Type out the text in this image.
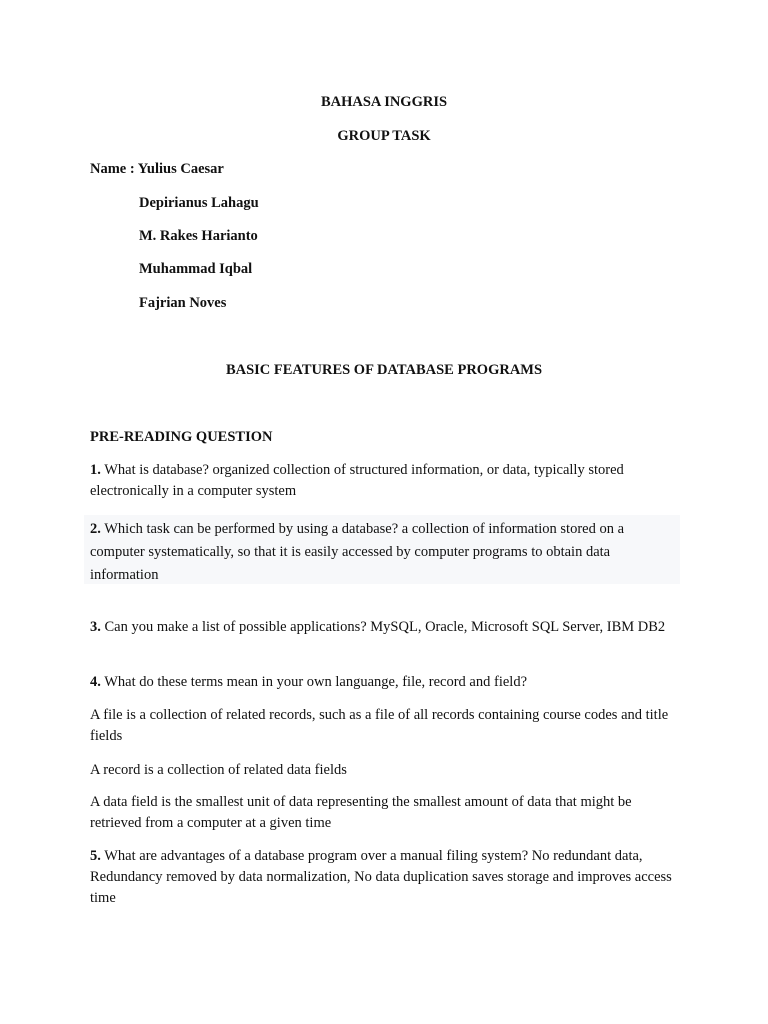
BAHASA INGGRIS

GROUP TASK

Name : Yulius Caesar

Depirianus Lahagu

M. Rakes Harianto

Muhammad Iqbal

Fajrian Noves

BASIC FEATURES OF DATABASE PROGRAMS

PRE-READING QUESTION

1. What is database? organized collection of structured information, or data, typically stored electronically in a computer system

2. Which task can be performed by using a database? a collection of information stored on a computer systematically, so that it is easily accessed by computer programs to obtain data information

3. Can you make a list of possible applications? MySQL, Oracle, Microsoft SQL Server, IBM DB2

4. What do these terms mean in your own languange, file, record and field?

A file is a collection of related records, such as a file of all records containing course codes and title fields

A record is a collection of related data fields

A data field is the smallest unit of data representing the smallest amount of data that might be retrieved from a computer at a given time

5. What are advantages of a database program over a manual filing system? No redundant data, Redundancy removed by data normalization, No data duplication saves storage and improves access time
